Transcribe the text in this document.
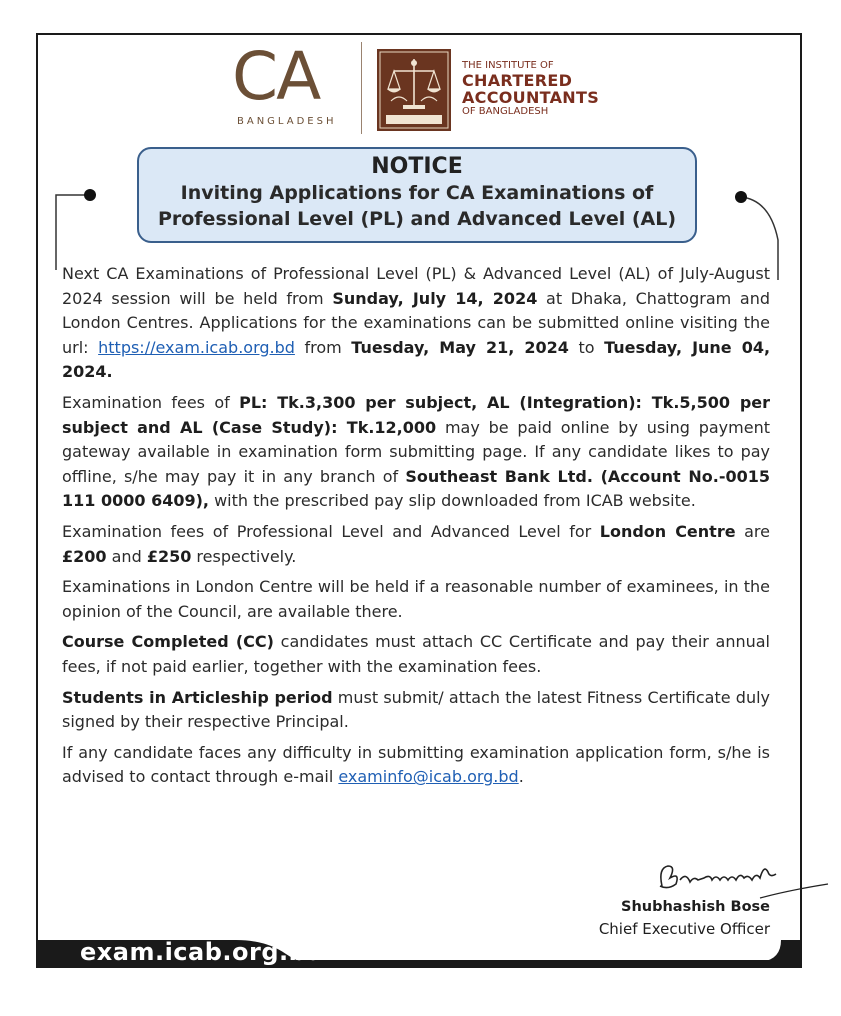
CA
BANGLADESH
THE INSTITUTE OF
CHARTERED
ACCOUNTANTS
OF BANGLADESH
NOTICE
Inviting Applications for CA Examinations of
Professional Level (PL) and Advanced Level (AL)

Next CA Examinations of Professional Level (PL) & Advanced Level (AL) of July-August 2024 session will be held from Sunday, July 14, 2024 at Dhaka, Chattogram and London Centres. Applications for the examinations can be submitted online visiting the url: https://exam.icab.org.bd from Tuesday, May 21, 2024 to Tuesday, June 04, 2024.

Examination fees of PL: Tk.3,300 per subject, AL (Integration): Tk.5,500 per subject and AL (Case Study): Tk.12,000 may be paid online by using payment gateway available in examination form submitting page. If any candidate likes to pay offline, s/he may pay it in any branch of Southeast Bank Ltd. (Account No.-0015 111 0000 6409), with the prescribed pay slip downloaded from ICAB website.

Examination fees of Professional Level and Advanced Level for London Centre are £200 and £250 respectively.

Examinations in London Centre will be held if a reasonable number of examinees, in the opinion of the Council, are available there.

Course Completed (CC) candidates must attach CC Certificate and pay their annual fees, if not paid earlier, together with the examination fees.

Students in Articleship period must submit/ attach the latest Fitness Certificate duly signed by their respective Principal.

If any candidate faces any difficulty in submitting examination application form, s/he is advised to contact through e-mail examinfo@icab.org.bd.

Shubhashish Bose
Chief Executive Officer
exam.icab.org.bd
